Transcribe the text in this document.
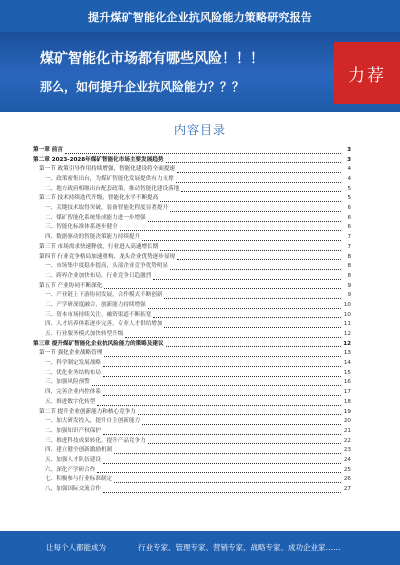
提升煤矿智能化企业抗风险能力策略研究报告
煤矿智能化市场都有哪些风险！！！
那么，如何提升企业抗风险能力？？？
力荐
内容目录
第一章 前言	3
第二章 2023-2028年煤矿智能化市场主要发展趋势	3
第一节 政策引导作用持续增强，智能化建设将全面提速	4
一、政策密集出台，为煤矿智能化发展提供有力支撑	4
二、地方政府相继出台配套政策，推动智能化建设落地	5
第二节 技术持续迭代升级，智能化水平不断提高	5
一、关键技术取得突破，装备智能化程度显著提升	6
二、煤矿智能化系统集成能力进一步增强	6
三、智能化标准体系逐步健全	6
四、数据驱动的智能决策能力持续提升	7
第三节 市场需求快速释放，行业进入高速增长期	7
第四节 行业竞争格局加速重构，龙头企业优势逐步显现	8
一、市场集中度稳步提高，头部企业竞争优势明显	8
二、跨界企业加快布局，行业竞争日趋激烈	8
第五节 产业协同不断深化	9
一、产业链上下游协同发展，合作模式不断创新	9
二、产学研深度融合，创新能力持续增强	10
三、资本市场持续关注，融资渠道不断拓宽	10
四、人才培养体系逐步完善，专业人才供给增加	11
五、行业服务模式加快转型升级	12
第三章 提升煤矿智能化企业抗风险能力的策略及建议	12
第一节 强化企业战略管理	13
一、科学制定发展战略	14
二、优化业务结构布局	15
三、加强风险预警	16
四、完善企业内控体系	17
五、推进数字化转型	18
第二节 提升企业创新能力和核心竞争力	19
一、加大研发投入，提升自主创新能力	20
二、加强知识产权保护	21
三、推进科技成果转化，提升产品竞争力	22
四、建立健全创新激励机制	23
五、加强人才队伍建设	24
六、深化产学研合作	25
七、积极参与行业标准制定	26
八、加强国际交流合作	27
让每个人都能成为	行业专家、管理专家、营销专家、战略专家、成功企业家……
